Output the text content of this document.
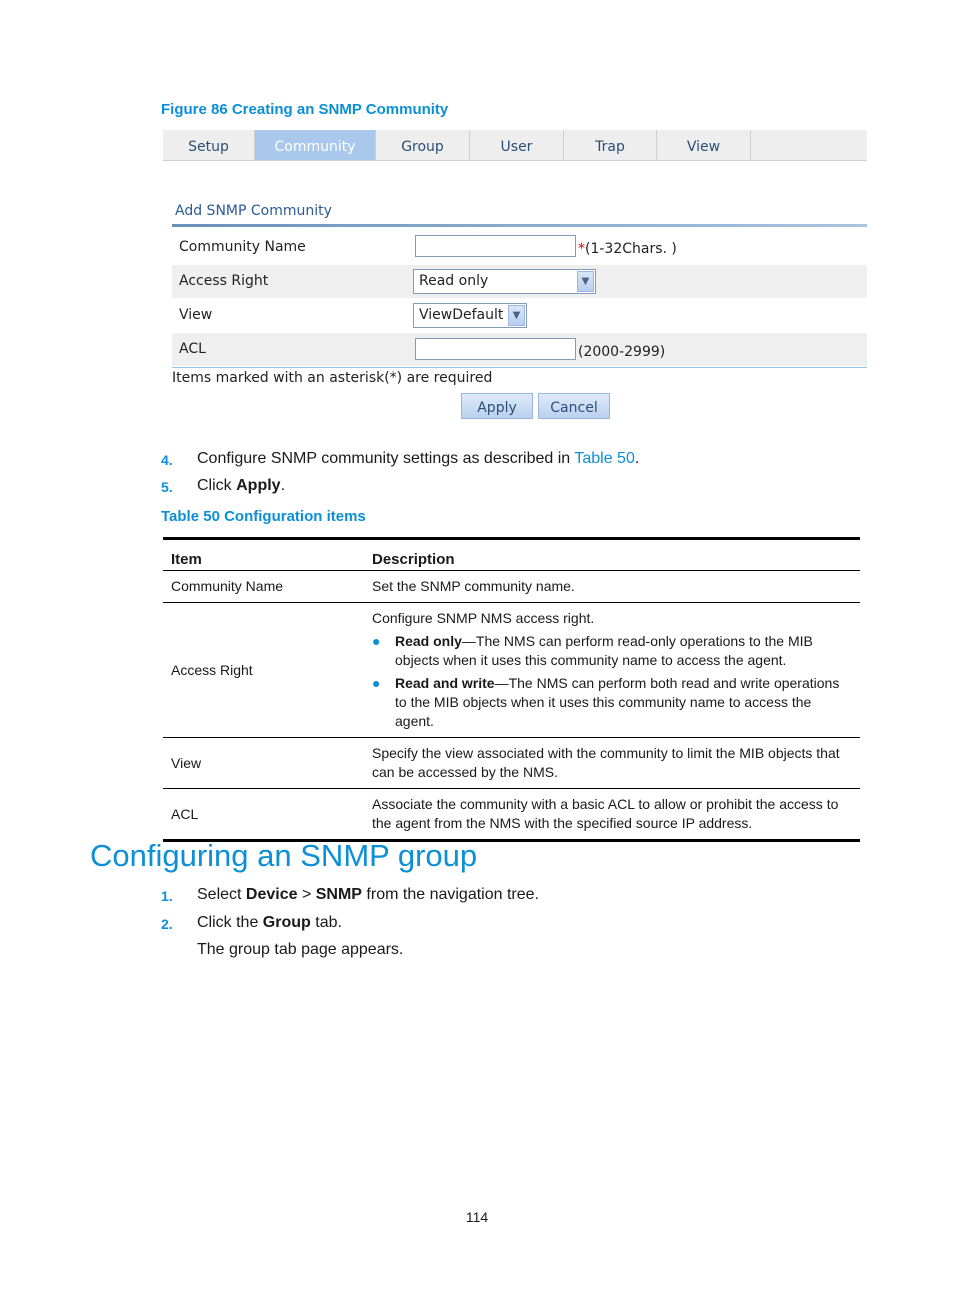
Figure 86 Creating an SNMP Community
Setup	Community	Group	User	Trap	View
Add SNMP Community
Community Name	*(1-32Chars. )
Access Right	Read only	▼
View	ViewDefault ▼
ACL	(2000-2999)
Items marked with an asterisk(*) are required
Apply	Cancel
4. Configure SNMP community settings as described in Table 50.
5. Click Apply.
Table 50 Configuration items
Item	Description
Community Name	Set the SNMP community name.
Access Right	Configure SNMP NMS access right.
● Read only—The NMS can perform read-only operations to the MIB objects when it uses this community name to access the agent.
● Read and write—The NMS can perform both read and write operations to the MIB objects when it uses this community name to access the agent.

View	Specify the view associated with the community to limit the MIB objects that can be accessed by the NMS.
ACL	Associate the community with a basic ACL to allow or prohibit the access to the agent from the NMS with the specified source IP address.
Configuring an SNMP group
1. Select Device > SNMP from the navigation tree.
2. Click the Group tab.
The group tab page appears.
114
